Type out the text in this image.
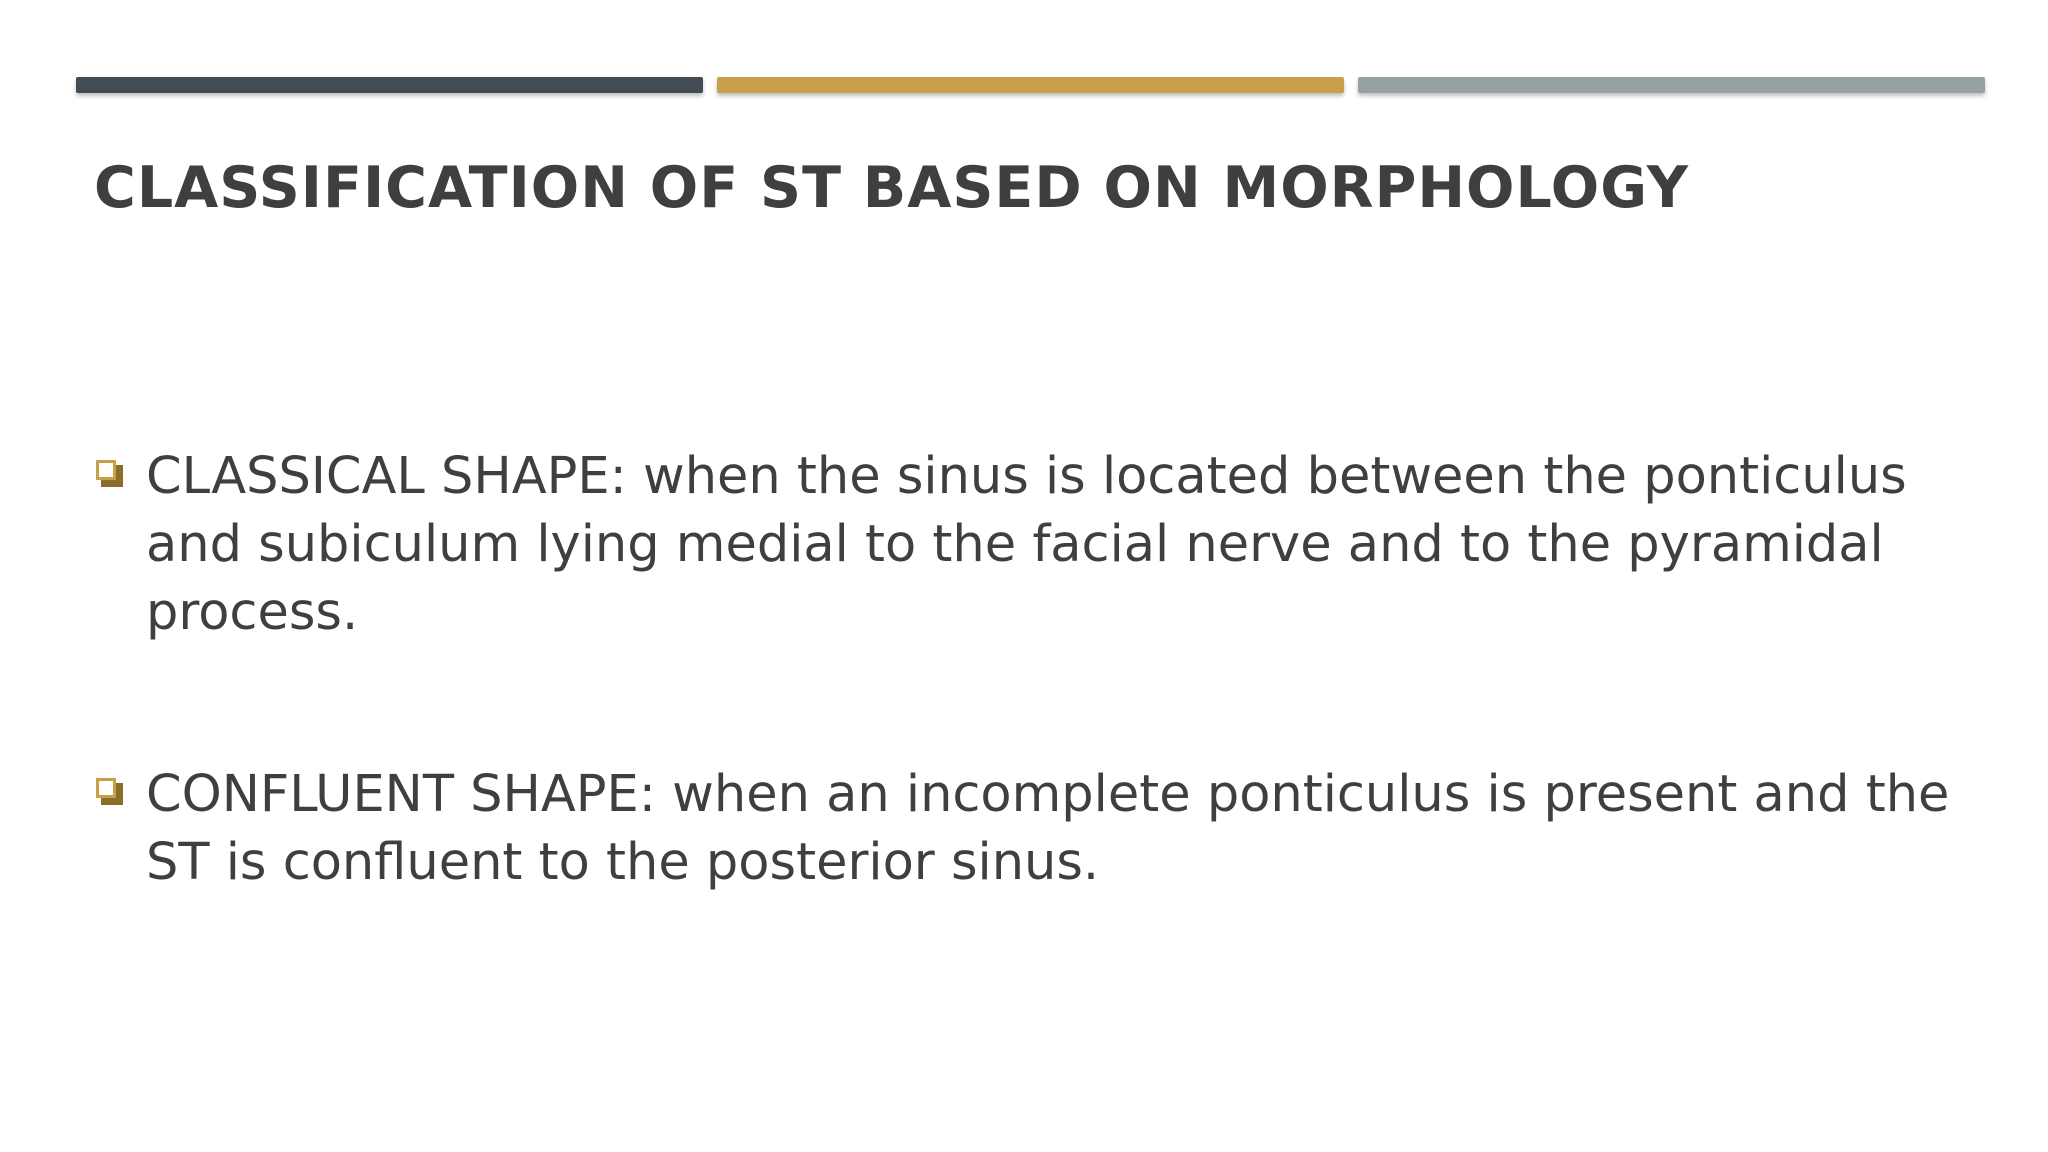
CLASSIFICATION OF ST BASED ON MORPHOLOGY
CLASSICAL SHAPE: when the sinus is located between the ponticulus and subiculum lying medial to the facial nerve and to the pyramidal process.
CONFLUENT SHAPE: when an incomplete ponticulus is present and the ST is confluent to the posterior sinus.
